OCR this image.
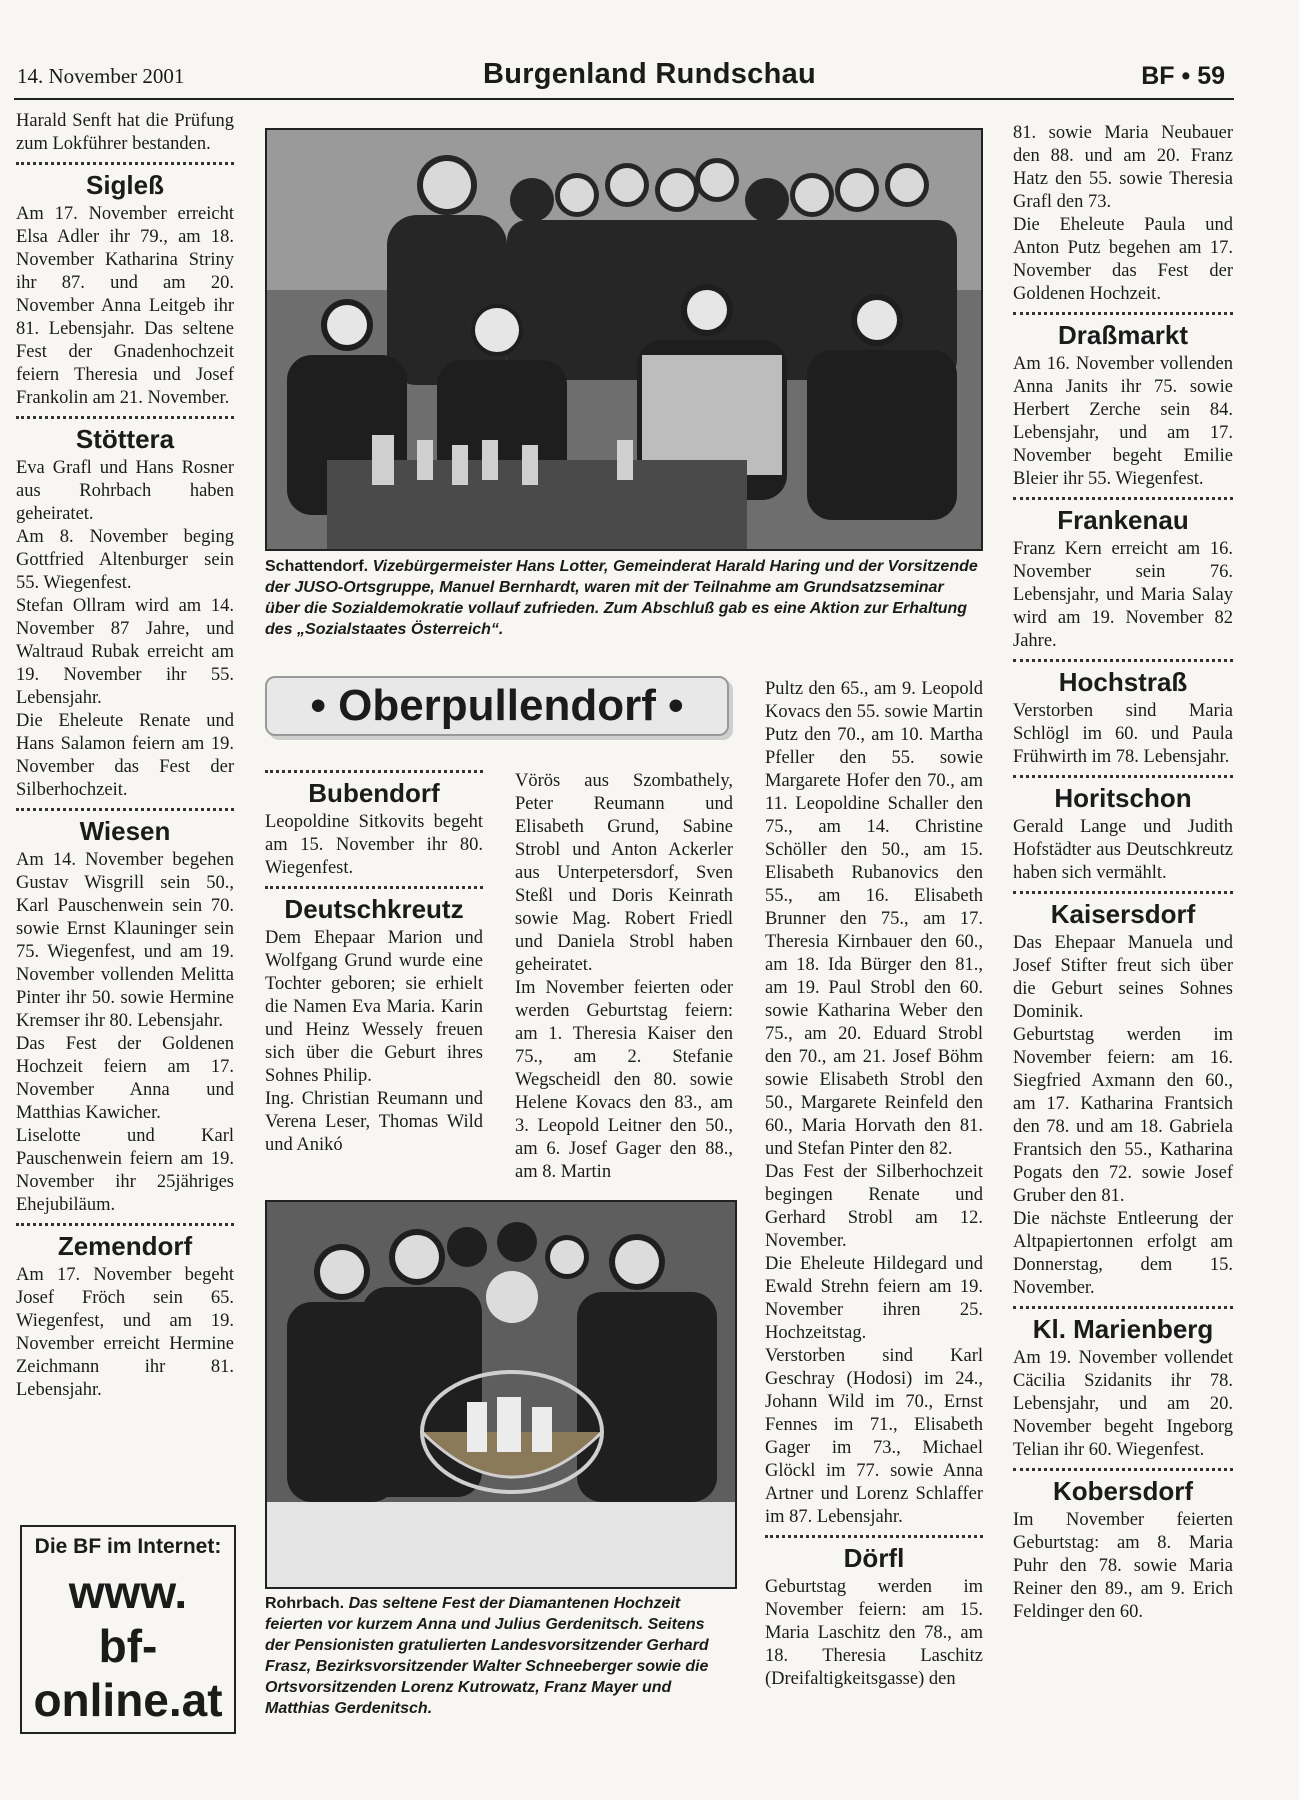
14. November 2001	Burgenland Rundschau	BF • 59

Harald Senft hat die Prüfung zum Lokführer bestanden.

Sigleß

Am 17. November erreicht Elsa Adler ihr 79., am 18. November Katharina Striny ihr 87. und am 20. November Anna Leitgeb ihr 81. Lebensjahr. Das seltene Fest der Gnadenhochzeit feiern Theresia und Josef Frankolin am 21. November.

Stöttera

Eva Grafl und Hans Rosner aus Rohrbach haben geheiratet.

Am 8. November beging Gottfried Altenburger sein 55. Wiegenfest.

Stefan Ollram wird am 14. November 87 Jahre, und Waltraud Rubak erreicht am 19. November ihr 55. Lebensjahr.

Die Eheleute Renate und Hans Salamon feiern am 19. November das Fest der Silberhochzeit.

Wiesen

Am 14. November begehen Gustav Wisgrill sein 50., Karl Pauschenwein sein 70. sowie Ernst Klauninger sein 75. Wiegenfest, und am 19. November vollenden Melitta Pinter ihr 50. sowie Hermine Kremser ihr 80. Lebensjahr.

Das Fest der Goldenen Hochzeit feiern am 17. November Anna und Matthias Kawicher.

Liselotte und Karl Pauschenwein feiern am 19. November ihr 25jähriges Ehejubiläum.

Zemendorf

Am 17. November begeht Josef Fröch sein 65. Wiegenfest, und am 19. November erreicht Hermine Zeichmann ihr 81. Lebensjahr.

Die BF im Internet:
www.
bf-
online.at
Schattendorf. Vizebürgermeister Hans Lotter, Gemeinderat Harald Haring und der Vorsitzende der JUSO-Ortsgruppe, Manuel Bernhardt, waren mit der Teilnahme am Grundsatzseminar über die Sozialdemokratie vollauf zufrieden. Zum Abschluß gab es eine Aktion zur Erhaltung des „Sozialstaates Österreich“.
• Oberpullendorf •
Bubendorf

Leopoldine Sitkovits begeht am 15. November ihr 80. Wiegenfest.

Deutschkreutz

Dem Ehepaar Marion und Wolfgang Grund wurde eine Tochter geboren; sie erhielt die Namen Eva Maria. Karin und Heinz Wessely freuen sich über die Geburt ihres Sohnes Philip.

Ing. Christian Reumann und Verena Leser, Thomas Wild und Anikó

Vörös aus Szombathely, Peter Reumann und Elisabeth Grund, Sabine Strobl und Anton Ackerler aus Unterpetersdorf, Sven Steßl und Doris Keinrath sowie Mag. Robert Friedl und Daniela Strobl haben geheiratet.

Im November feierten oder werden Geburtstag feiern: am 1. Theresia Kaiser den 75., am 2. Stefanie Wegscheidl den 80. sowie Helene Kovacs den 83., am 3. Leopold Leitner den 50., am 6. Josef Gager den 88., am 8. Martin

Rohrbach. Das seltene Fest der Diamantenen Hochzeit feierten vor kurzem Anna und Julius Gerdenitsch. Seitens der Pensionisten gratulierten Landesvorsitzender Gerhard Frasz, Bezirksvorsitzender Walter Schneeberger sowie die Ortsvorsitzenden Lorenz Kutrowatz, Franz Mayer und Matthias Gerdenitsch.

Pultz den 65., am 9. Leopold Kovacs den 55. sowie Martin Putz den 70., am 10. Martha Pfeller den 55. sowie Margarete Hofer den 70., am 11. Leopoldine Schaller den 75., am 14. Christine Schöller den 50., am 15. Elisabeth Rubanovics den 55., am 16. Elisabeth Brunner den 75., am 17. Theresia Kirnbauer den 60., am 18. Ida Bürger den 81., am 19. Paul Strobl den 60. sowie Katharina Weber den 75., am 20. Eduard Strobl den 70., am 21. Josef Böhm sowie Elisabeth Strobl den 50., Margarete Reinfeld den 60., Maria Horvath den 81. und Stefan Pinter den 82.

Das Fest der Silberhochzeit begingen Renate und Gerhard Strobl am 12. November.

Die Eheleute Hildegard und Ewald Strehn feiern am 19. November ihren 25. Hochzeitstag.

Verstorben sind Karl Geschray (Hodosi) im 24., Johann Wild im 70., Ernst Fennes im 71., Elisabeth Gager im 73., Michael Glöckl im 77. sowie Anna Artner und Lorenz Schlaffer im 87. Lebensjahr.

Dörfl

Geburtstag werden im November feiern: am 15. Maria Laschitz den 78., am 18. Theresia Laschitz (Dreifaltigkeitsgasse) den

81. sowie Maria Neubauer den 88. und am 20. Franz Hatz den 55. sowie Theresia Grafl den 73.

Die Eheleute Paula und Anton Putz begehen am 17. November das Fest der Goldenen Hochzeit.

Draßmarkt

Am 16. November vollenden Anna Janits ihr 75. sowie Herbert Zerche sein 84. Lebensjahr, und am 17. November begeht Emilie Bleier ihr 55. Wiegenfest.

Frankenau

Franz Kern erreicht am 16. November sein 76. Lebensjahr, und Maria Salay wird am 19. November 82 Jahre.

Hochstraß

Verstorben sind Maria Schlögl im 60. und Paula Frühwirth im 78. Lebensjahr.

Horitschon

Gerald Lange und Judith Hofstädter aus Deutschkreutz haben sich vermählt.

Kaisersdorf

Das Ehepaar Manuela und Josef Stifter freut sich über die Geburt seines Sohnes Dominik.

Geburtstag werden im November feiern: am 16. Siegfried Axmann den 60., am 17. Katharina Frantsich den 78. und am 18. Gabriela Frantsich den 55., Katharina Pogats den 72. sowie Josef Gruber den 81.

Die nächste Entleerung der Altpapiertonnen erfolgt am Donnerstag, dem 15. November.

Kl. Marienberg

Am 19. November vollendet Cäcilia Szidanits ihr 78. Lebensjahr, und am 20. November begeht Ingeborg Telian ihr 60. Wiegenfest.

Kobersdorf

Im November feierten Geburtstag: am 8. Maria Puhr den 78. sowie Maria Reiner den 89., am 9. Erich Feldinger den 60.
